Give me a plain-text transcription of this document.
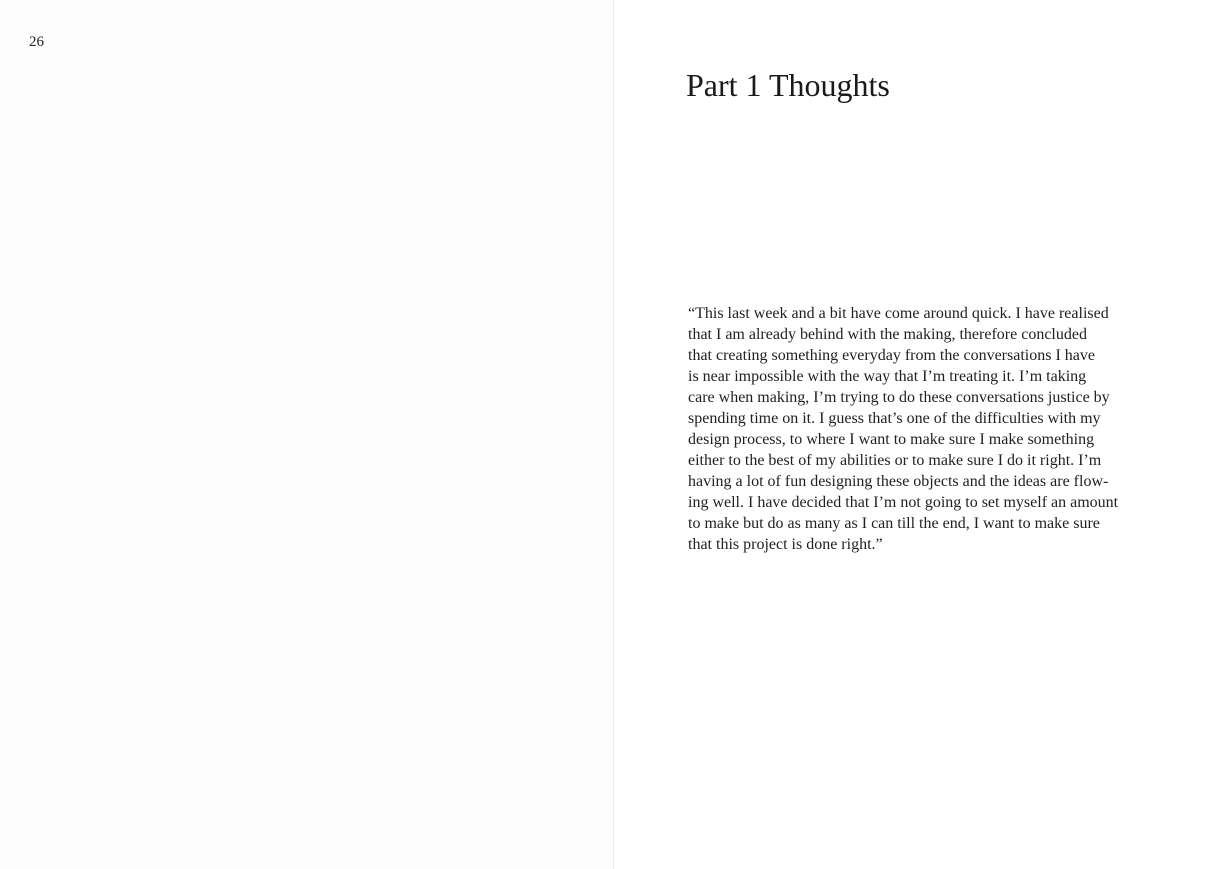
26
Part 1 Thoughts

“This last week and a bit have come around quick. I have realised
that I am already behind with the making, therefore concluded
that creating something everyday from the conversations I have
is near impossible with the way that I’m treating it. I’m taking
care when making, I’m trying to do these conversations justice by
spending time on it. I guess that’s one of the difficulties with my
design process, to where I want to make sure I make something
either to the best of my abilities or to make sure I do it right. I’m
having a lot of fun designing these objects and the ideas are flow-
ing well. I have decided that I’m not going to set myself an amount
to make but do as many as I can till the end, I want to make sure
that this project is done right.”
